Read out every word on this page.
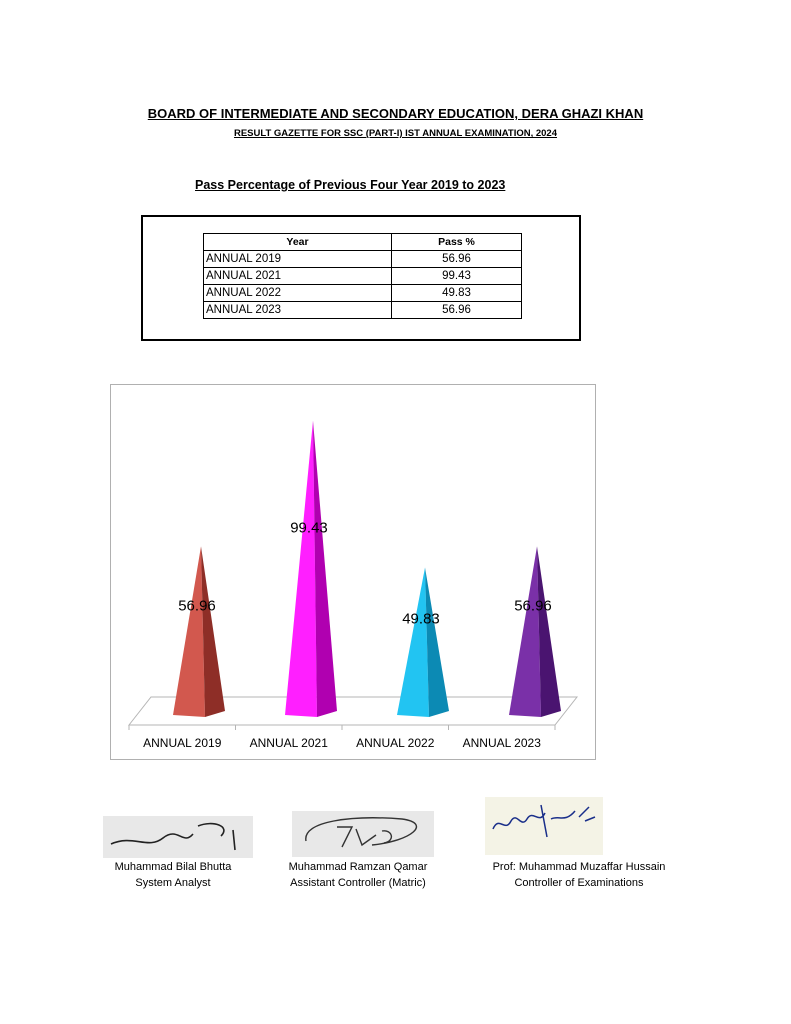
BOARD OF INTERMEDIATE AND SECONDARY EDUCATION, DERA GHAZI KHAN
RESULT GAZETTE FOR SSC (PART-I) IST ANNUAL EXAMINATION, 2024
Pass Percentage of Previous Four Year 2019 to 2023
Year	Pass %
ANNUAL 2019	56.96
ANNUAL 2021	99.43
ANNUAL 2022	49.83
ANNUAL 2023	56.96
56.96
ANNUAL 2019
99.43
ANNUAL 2021
49.83
ANNUAL 2022
56.96
ANNUAL 2023
Muhammad Bilal Bhutta
System Analyst
Muhammad Ramzan Qamar
Assistant Controller (Matric)
Prof: Muhammad Muzaffar Hussain
Controller of Examinations
